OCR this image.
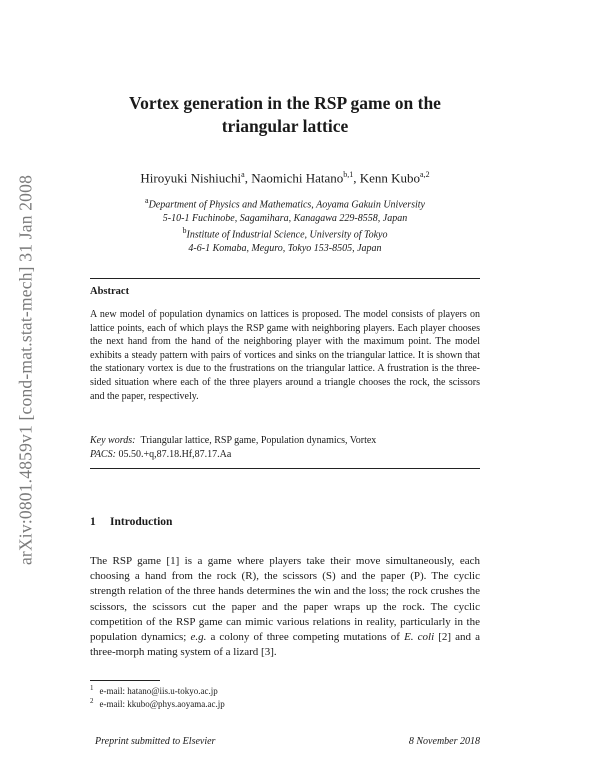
arXiv:0801.4859v1 [cond-mat.stat-mech] 31 Jan 2008
Vortex generation in the RSP game on the
triangular lattice
Hiroyuki Nishiuchi$^a$, Naomichi Hatano$^{b,1}$, Kenn Kubo$^{a,2}$
$^a$Department of Physics and Mathematics, Aoyama Gakuin University
5-10-1 Fuchinobe, Sagamihara, Kanagawa 229-8558, Japan
$^b$Institute of Industrial Science, University of Tokyo
4-6-1 Komaba, Meguro, Tokyo 153-8505, Japan
Abstract
A new model of population dynamics on lattices is proposed. The model consists of players on lattice points, each of which plays the RSP game with neighboring players. Each player chooses the next hand from the hand of the neighboring player with the maximum point. The model exhibits a steady pattern with pairs of vortices and sinks on the triangular lattice. It is shown that the stationary vortex is due to the frustrations on the triangular lattice. A frustration is the three-sided situation where each of the three players around a triangle chooses the rock, the scissors and the paper, respectively.
Key words: Triangular lattice, RSP game, Population dynamics, Vortex
PACS: 05.50.+q,87.18.Hf,87.17.Aa
1 Introduction
The RSP game [1] is a game where players take their move simultaneously, each choosing a hand from the rock (R), the scissors (S) and the paper (P). The cyclic strength relation of the three hands determines the win and the loss; the rock crushes the scissors, the scissors cut the paper and the paper wraps up the rock. The cyclic competition of the RSP game can mimic various relations in reality, particularly in the population dynamics; e.g. a colony of three competing mutations of E. coli [2] and a three-morph mating system of a lizard [3].
$^1$ e-mail: hatano@iis.u-tokyo.ac.jp
$^2$ e-mail: kkubo@phys.aoyama.ac.jp
Preprint submitted to Elsevier	8 November 2018
